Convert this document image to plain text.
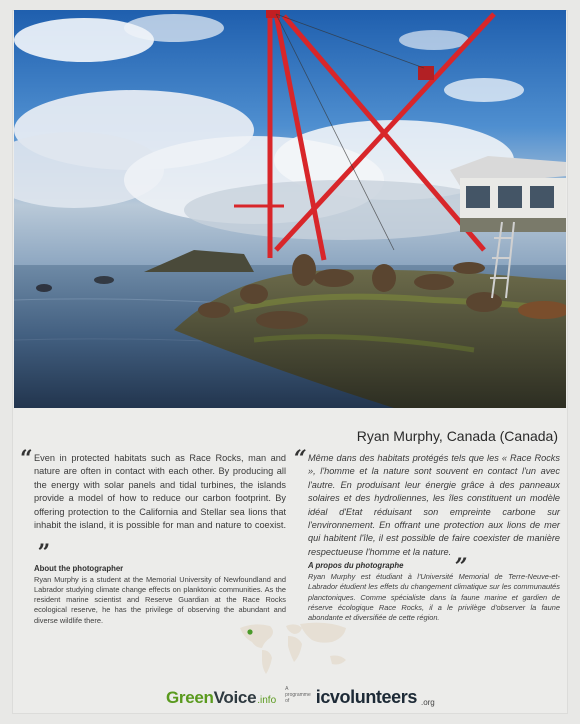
Ryan Murphy, Canada (Canada)
“ Even in protected habitats such as Race Rocks, man and nature are often in contact with each other. By producing all the energy with solar panels and tidal turbines, the islands provide a model of how to reduce our carbon footprint. By offering protection to the California and Stellar sea lions that inhabit the island, it is possible for man and nature to coexist.„
About the photographer
Ryan Murphy is a student at the Memorial University of Newfoundland and Labrador studying climate change effects on planktonic communities. As the resident marine scientist and Reserve Guardian at the Race Rocks ecological reserve, he has the privilege of observing the abundant and diverse wildlife there.
“ Même dans des habitats protégés tels que les « Race Rocks », l'homme et la nature sont souvent en contact l'un avec l'autre. En produisant leur énergie grâce à des panneaux solaires et des hydroliennes, les îles constituent un modèle idéal d'Etat réduisant son empreinte carbone sur l'environnement. En offrant une protection aux lions de mer qui habitent l'île, il est possible de faire coexister de manière respectueuse l'homme et la nature. „
A propos du photographe
Ryan Murphy est étudiant à l'Université Memorial de Terre-Neuve-et-Labrador étudient les effets du changement climatique sur les communautés planctoniques. Comme spécialiste dans la faune marine et gardien de réserve écologique Race Rocks, il a le privilège d'observer la faune abondante et diversifiée de cette région.
Green Voice .info
A programme of	icvolunteers .org
